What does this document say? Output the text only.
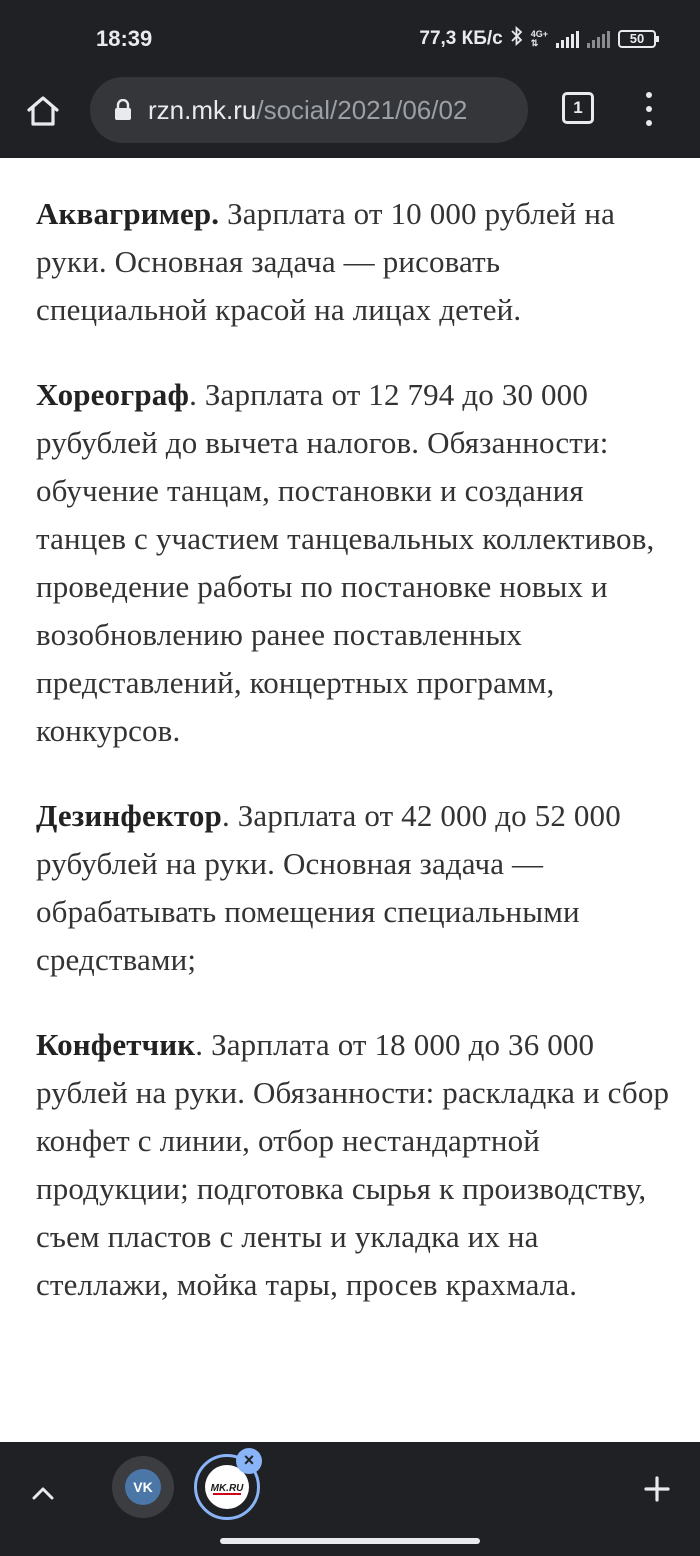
18:39	77,3 КБ/с	4G+
⇅	50
rzn.mk.ru/social/2021/06/02	1

Аквагример. Зарплата от 10 000 рублей на руки. Основная задача — рисовать специальной красой на лицах детей.

Хореограф. Зарплата от 12 794 до 30 000 рубублей до вычета налогов. Обязанности: обучение танцам, постановки и создания танцев с участием танцевальных коллективов, проведение работы по постановке новых и возобновлению ранее поставленных представлений, концертных программ, конкурсов.

Дезинфектор. Зарплата от 42 000 до 52 000 рубублей на руки. Основная задача — обрабатывать помещения специальными средствами;

Конфетчик. Зарплата от 18 000 до 36 000 рублей на руки. Обязанности: раскладка и сбор конфет с линии, отбор нестандартной продукции; подготовка сырья к производству, съем пластов с ленты и укладка их на стеллажи, мойка тары, просев крахмала.

VK	MK.RU
×
